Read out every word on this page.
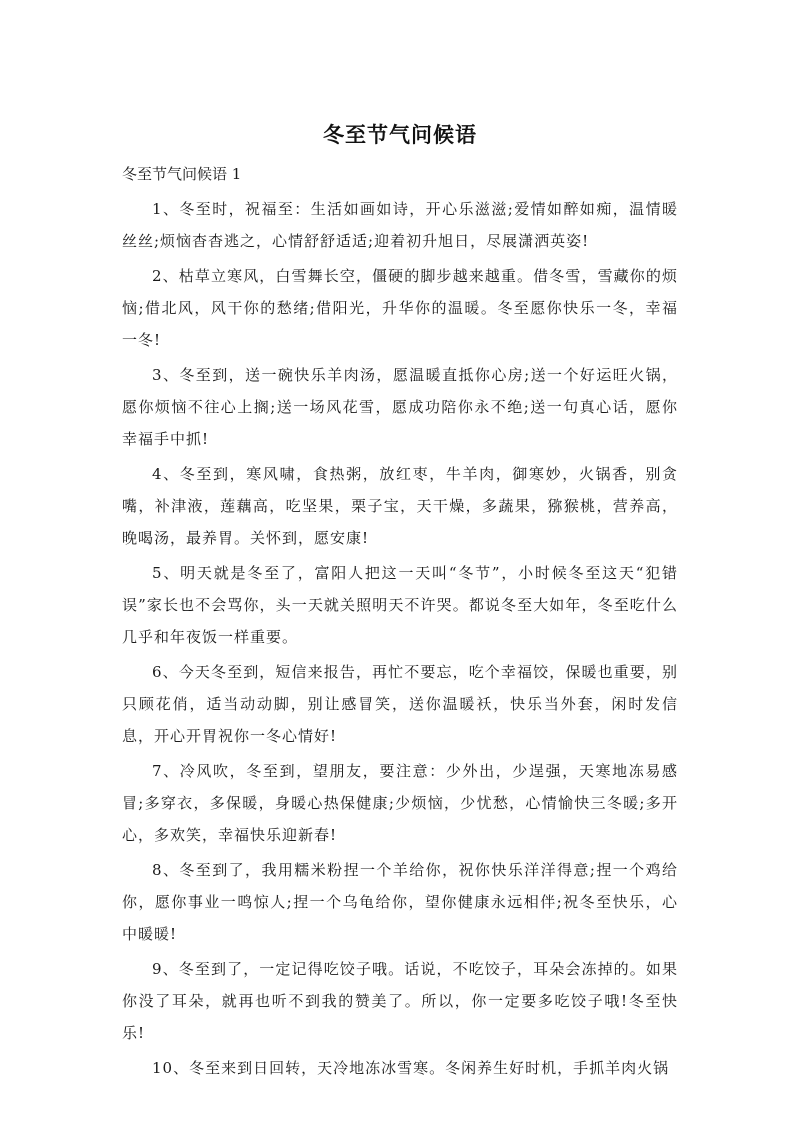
冬至节气问候语
冬至节气问候语 1

1、冬至时，祝福至：生活如画如诗，开心乐滋滋;爱情如醉如痴，温情暖丝丝;烦恼杳杳逃之，心情舒舒适适;迎着初升旭日，尽展潇洒英姿!

2、枯草立寒风，白雪舞长空，僵硬的脚步越来越重。借冬雪，雪藏你的烦恼;借北风，风干你的愁绪;借阳光，升华你的温暖。冬至愿你快乐一冬，幸福一冬!

3、冬至到，送一碗快乐羊肉汤，愿温暖直抵你心房;送一个好运旺火锅，愿你烦恼不往心上搁;送一场风花雪，愿成功陪你永不绝;送一句真心话，愿你幸福手中抓!

4、冬至到，寒风啸，食热粥，放红枣，牛羊肉，御寒妙，火锅香，别贪嘴，补津液，莲藕高，吃坚果，栗子宝，天干燥，多蔬果，猕猴桃，营养高，晚喝汤，最养胃。关怀到，愿安康!

5、明天就是冬至了，富阳人把这一天叫“冬节”，小时候冬至这天“犯错误”家长也不会骂你，头一天就关照明天不许哭。都说冬至大如年，冬至吃什么几乎和年夜饭一样重要。

6、今天冬至到，短信来报告，再忙不要忘，吃个幸福饺，保暖也重要，别只顾花俏，适当动动脚，别让感冒笑，送你温暖袄，快乐当外套，闲时发信息，开心开胃祝你一冬心情好!

7、冷风吹，冬至到，望朋友，要注意：少外出，少逞强，天寒地冻易感冒;多穿衣，多保暖，身暖心热保健康;少烦恼，少忧愁，心情愉快三冬暖;多开心，多欢笑，幸福快乐迎新春!

8、冬至到了，我用糯米粉捏一个羊给你，祝你快乐洋洋得意;捏一个鸡给你，愿你事业一鸣惊人;捏一个乌龟给你，望你健康永远相伴;祝冬至快乐，心中暖暖!

9、冬至到了，一定记得吃饺子哦。话说，不吃饺子，耳朵会冻掉的。如果你没了耳朵，就再也听不到我的赞美了。所以，你一定要多吃饺子哦!冬至快乐!

10、冬至来到日回转，天冷地冻冰雪寒。冬闲养生好时机，手抓羊肉火锅
